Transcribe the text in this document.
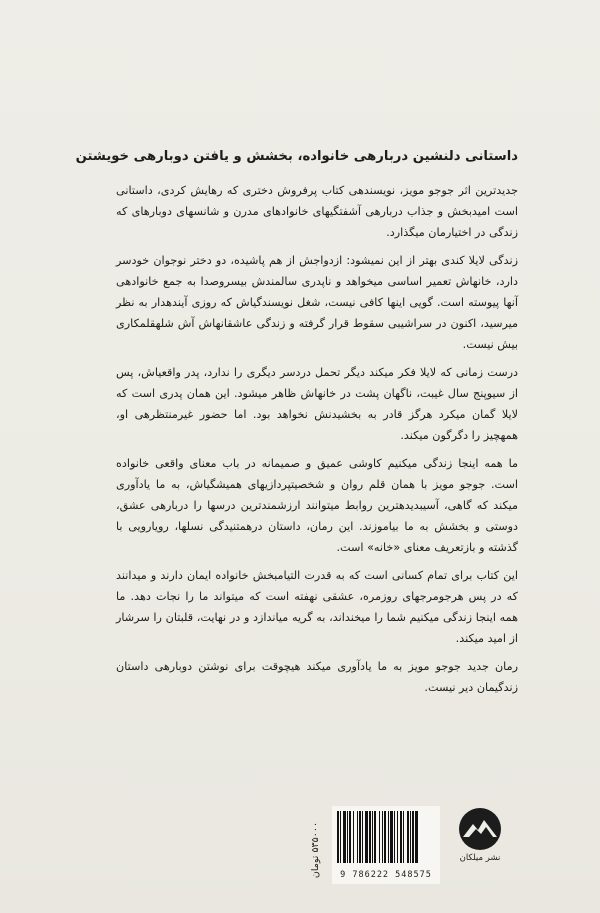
داستانی دلنشین دربارهی خانواده، بخشش و یافتن دوبارهی خویشتن

جدیدترین اثر جوجو مویز، نویسندهی کتاب پرفروش دختری که رهایش کردی، داستانی است امیدبخش و جذاب دربارهی آشفتگیهای خانوادهای مدرن و شانسهای دوبارهای که زندگی در اختیارمان میگذارد.

زندگی لایلا کندی بهتر از این نمیشود: ازدواجش از هم پاشیده، دو دختر نوجوان خودسر دارد، خانهاش تعمیر اساسی میخواهد و ناپدری سالمندش بیسروصدا به جمع خانوادهی آنها پیوسته است. گویی اینها کافی نیست، شغل نویسندگیاش که روزی آیندهدار به نظر میرسید، اکنون در سراشیبی سقوط قرار گرفته و زندگی عاشقانهاش آش شلهقلمکاری بیش نیست.

درست زمانی که لایلا فکر میکند دیگر تحمل دردسر دیگری را ندارد، پدر واقعیاش، پس از سیوپنج سال غیبت، ناگهان پشت در خانهاش ظاهر میشود. این همان پدری است که لایلا گمان میکرد هرگز قادر به بخشیدنش نخواهد بود. اما حضور غیرمنتظرهی او، همهچیز را دگرگون میکند.

ما همه اینجا زندگی میکنیم کاوشی عمیق و صمیمانه در باب معنای واقعی خانواده است. جوجو مویز با همان قلم روان و شخصیتپردازیهای همیشگیاش، به ما یادآوری میکند که گاهی، آسیبدیدهترین روابط میتوانند ارزشمندترین درسها را دربارهی عشق، دوستی و بخشش به ما بیاموزند. این رمان، داستان درهمتنیدگی نسلها، رویارویی با گذشته و بازتعریف معنای «خانه» است.

این کتاب برای تمام کسانی است که به قدرت التیامبخش خانواده ایمان دارند و میدانند که در پس هرجومرجهای روزمره، عشقی نهفته است که میتواند ما را نجات دهد. ما همه اینجا زندگی میکنیم شما را میخنداند، به گریه میاندازد و در نهایت، قلبتان را سرشار از امید میکند.

رمان جدید جوجو مویز به ما یادآوری میکند هیچوقت برای نوشتن دوبارهی داستان زندگیمان دیر نیست.

۵۳۵۰۰۰ تومان
9 786222 548575
نشر میلکان
